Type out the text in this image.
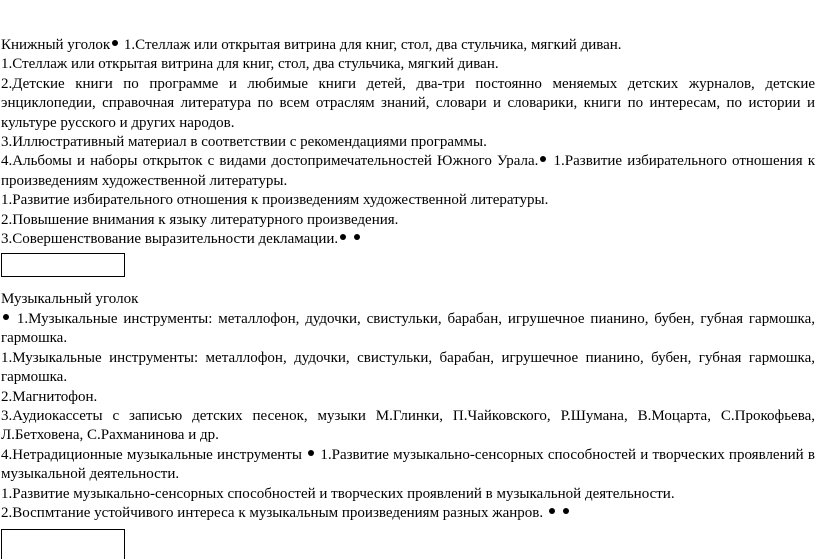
Книжный уголок 1.Стеллаж или открытая витрина для книг, стол, два стульчика, мягкий диван.

1.Стеллаж или открытая витрина для книг, стол, два стульчика, мягкий диван.

2.Детские книги по программе и любимые книги детей, два-три постоянно меняемых детских журналов, детские энциклопедии, справочная литература по всем отраслям знаний, словари и словарики, книги по интересам, по истории и культуре русского и других народов.

3.Иллюстративный материал в соответствии с рекомендациями программы.

4.Альбомы и наборы открыток с видами достопримечательностей Южного Урала. 1.Развитие избирательного отношения к произведениям художественной литературы.

1.Развитие избирательного отношения к произведениям художественной литературы.

2.Повышение внимания к языку литературного произведения.

3.Совершенствование выразительности декламации.

Музыкальный уголок

1.Музыкальные инструменты: металлофон, дудочки, свистульки, барабан, игрушечное пианино, бубен, губная гармошка, гармошка.

1.Музыкальные инструменты: металлофон, дудочки, свистульки, барабан, игрушечное пианино, бубен, губная гармошка, гармошка.

2.Магнитофон.

3.Аудиокассеты с записью детских песенок, музыки М.Глинки, П.Чайковского, Р.Шумана, В.Моцарта, С.Прокофьева, Л.Бетховена, С.Рахманинова и др.

4.Нетрадиционные музыкальные инструменты 1.Развитие музыкально-сенсорных способностей и творческих проявлений в музыкальной деятельности.

1.Развитие музыкально-сенсорных способностей и творческих проявлений в музыкальной деятельности.

2.Воспмтание устойчивого интереса к музыкальным произведениям разных жанров.
